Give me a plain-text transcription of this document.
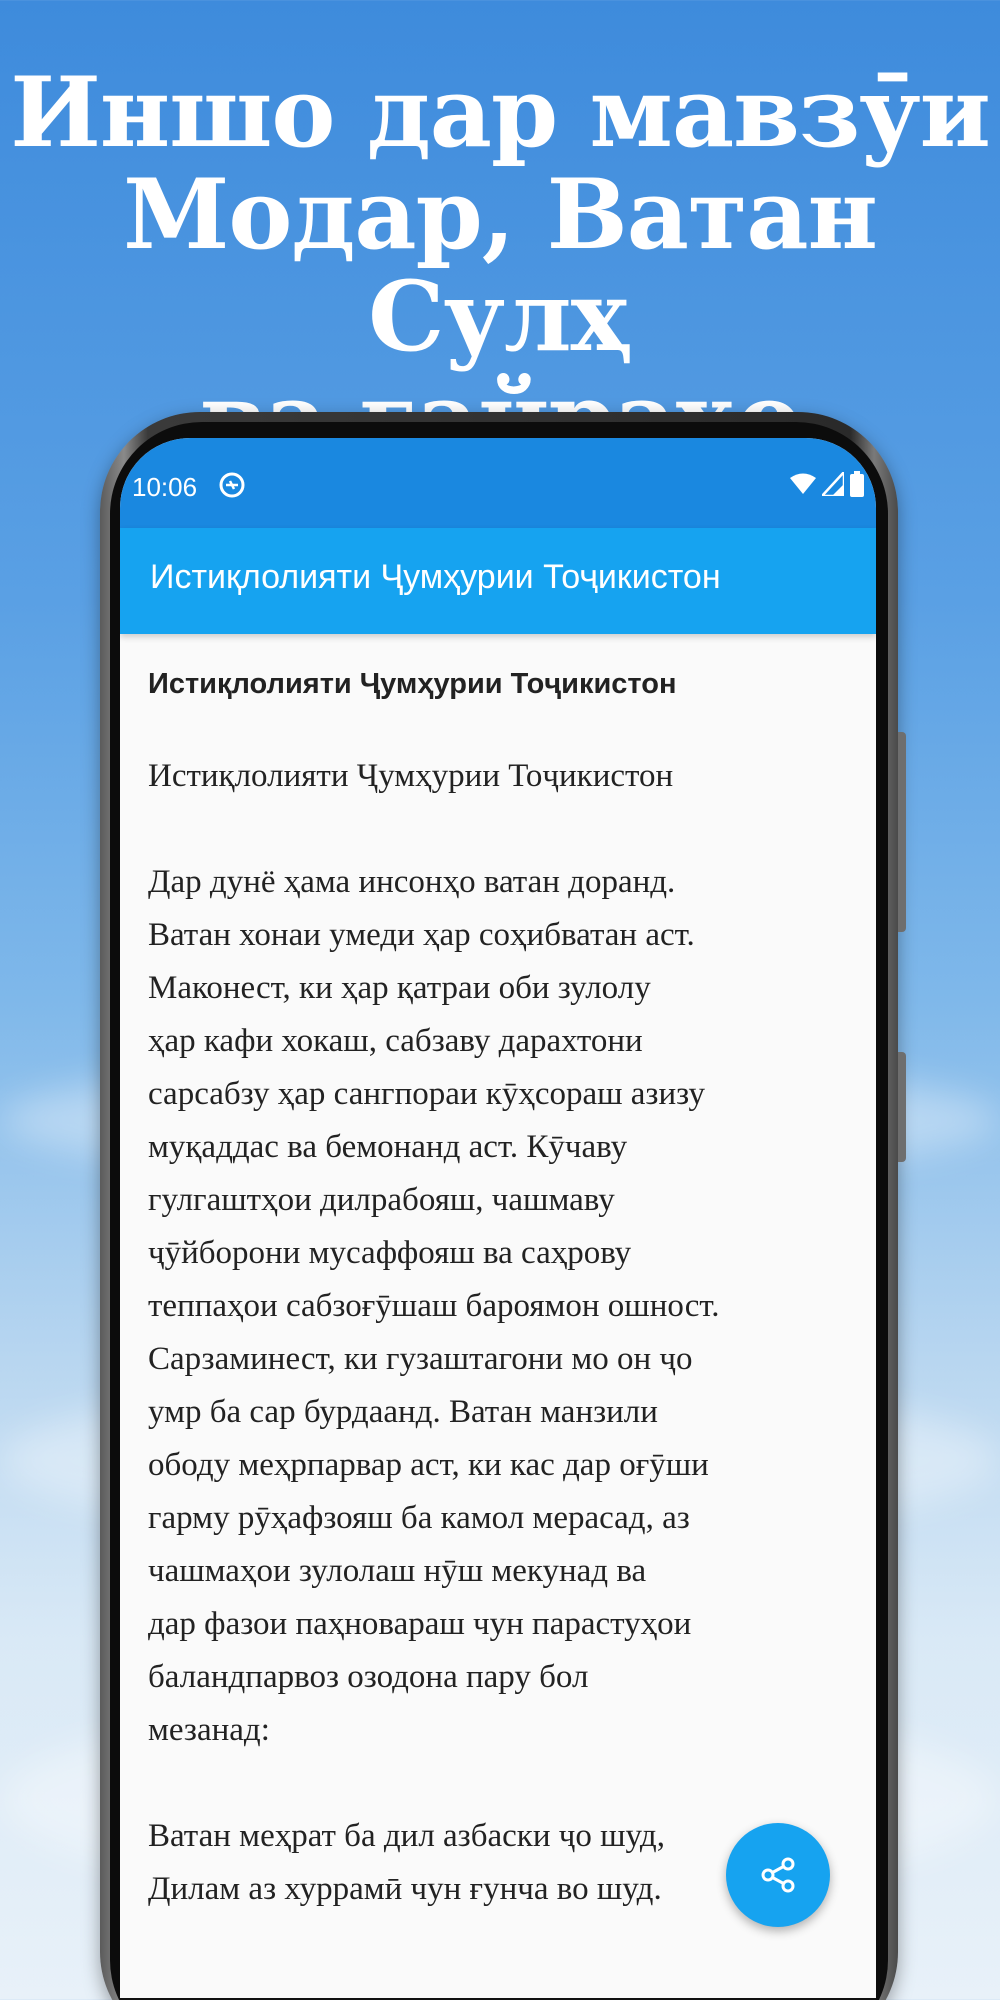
Иншо дар мавзӯи
Модар, Ватан Сулҳ
10:06
Истиқлолияти Ҷумҳурии Тоҷикистон
Истиқлолияти Ҷумҳурии Тоҷикистон
Истиқлолияти Ҷумҳурии Тоҷикистон
Дар дунё ҳама инсонҳо ватан доранд.
Ватан хонаи умеди ҳар соҳибватан аст.
Маконест, ки ҳар қатраи оби зулолу
ҳар кафи хокаш, сабзаву дарахтони
сарсабзу ҳар сангпораи кӯҳсораш азизу
муқаддас ва бемонанд аст. Кӯчаву
гулгаштҳои дилрабояш, чашмаву
ҷӯйборони мусаффояш ва саҳрову
теппаҳои сабзоғӯшаш бароямон ошност.
Сарзаминест, ки гузаштагони мо он ҷо
умр ба сар бурдаанд. Ватан манзили
ободу меҳрпарвар аст, ки кас дар оғӯши
гарму рӯҳафзояш ба камол мерасад, аз
чашмаҳои зулолаш нӯш мекунад ва
дар фазои паҳновараш чун парастуҳои
баландпарвоз озодона пару бол
мезанад:
Ватан меҳрат ба дил азбаски ҷо шуд,
Дилам аз хуррамӣ чун ғунча во шуд.
